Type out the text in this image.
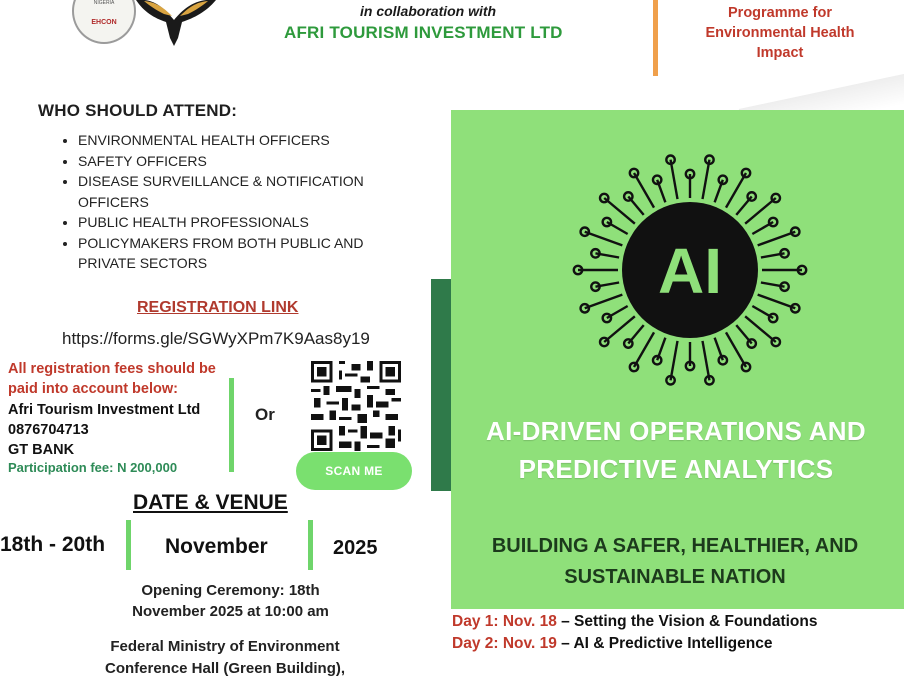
NIGERIA
EHCON
in collaboration with
AFRI TOURISM INVESTMENT LTD
Programme for
Environmental Health
Impact
WHO SHOULD ATTEND:
• ENVIRONMENTAL HEALTH OFFICERS
• SAFETY OFFICERS
• DISEASE SURVEILLANCE & NOTIFICATION OFFICERS
• PUBLIC HEALTH PROFESSIONALS
• POLICYMAKERS FROM BOTH PUBLIC AND PRIVATE SECTORS
REGISTRATION LINK
https://forms.gle/SGWyXPm7K9Aas8y19
All registration fees should be paid into account below:
Afri Tourism Investment Ltd
0876704713
GT BANK
Participation fee: N 200,000
Or
SCAN ME
DATE & VENUE
18th - 20th	November	2025
Opening Ceremony: 18th November 2025 at 10:00 am
Federal Ministry of Environment
Conference Hall (Green Building),
AI
AI-DRIVEN OPERATIONS AND PREDICTIVE ANALYTICS
BUILDING A SAFER, HEALTHIER, AND SUSTAINABLE NATION
Day 1: Nov. 18 – Setting the Vision & Foundations
Day 2: Nov. 19 – AI & Predictive Intelligence
